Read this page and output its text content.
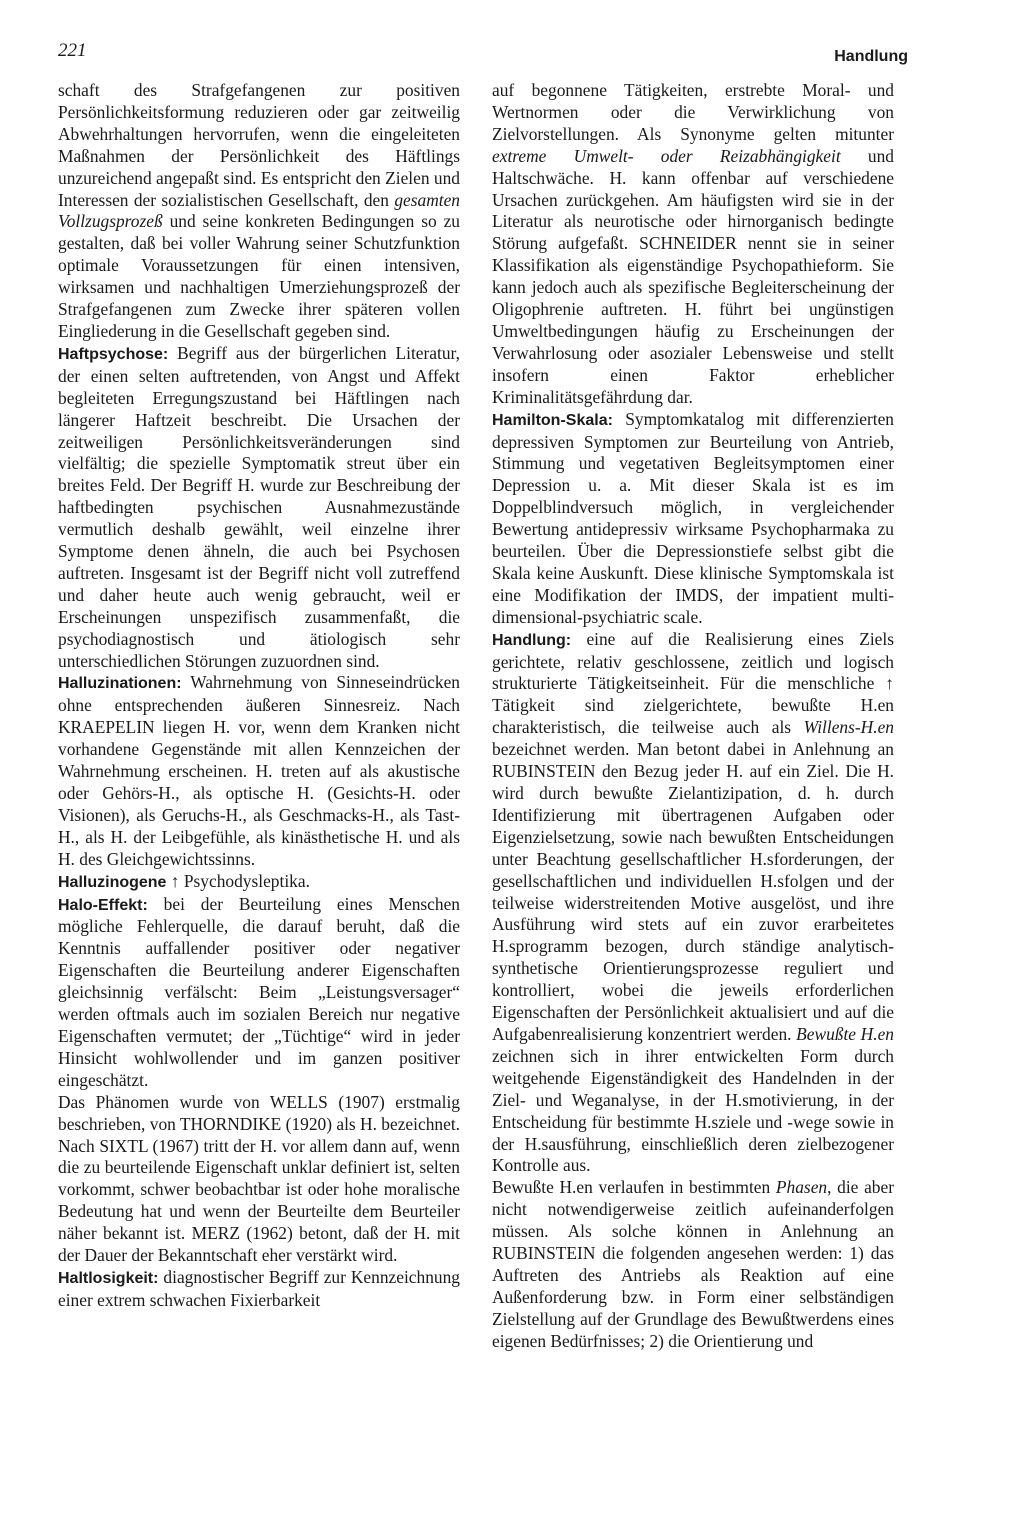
221	Handlung

schaft des Strafgefangenen zur positiven Persönlichkeitsformung reduzieren oder gar zeitweilig Abwehrhaltungen hervorrufen, wenn die eingeleiteten Maßnahmen der Persönlichkeit des Häftlings unzureichend angepaßt sind. Es entspricht den Zielen und Interessen der sozialistischen Gesellschaft, den gesamten Vollzugsprozeß und seine konkreten Bedingungen so zu gestalten, daß bei voller Wahrung seiner Schutzfunktion optimale Voraussetzungen für einen intensiven, wirksamen und nachhaltigen Umerziehungsprozeß der Strafgefangenen zum Zwecke ihrer späteren vollen Eingliederung in die Gesellschaft gegeben sind.

Haftpsychose: Begriff aus der bürgerlichen Literatur, der einen selten auftretenden, von Angst und Affekt begleiteten Erregungszustand bei Häftlingen nach längerer Haftzeit beschreibt. Die Ursachen der zeitweiligen Persönlichkeitsveränderungen sind vielfältig; die spezielle Symptomatik streut über ein breites Feld. Der Begriff H. wurde zur Beschreibung der haftbedingten psychischen Ausnahmezustände vermutlich deshalb gewählt, weil einzelne ihrer Symptome denen ähneln, die auch bei Psychosen auftreten. Insgesamt ist der Begriff nicht voll zutreffend und daher heute auch wenig gebraucht, weil er Erscheinungen unspezifisch zusammenfaßt, die psychodiagnostisch und ätiologisch sehr unterschiedlichen Störungen zuzuordnen sind.

Halluzinationen: Wahrnehmung von Sinneseindrücken ohne entsprechenden äußeren Sinnesreiz. Nach KRAEPELIN liegen H. vor, wenn dem Kranken nicht vorhandene Gegenstände mit allen Kennzeichen der Wahrnehmung erscheinen. H. treten auf als akustische oder Gehörs-H., als optische H. (Gesichts-H. oder Visionen), als Geruchs-H., als Geschmacks-H., als Tast-H., als H. der Leibgefühle, als kinästhetische H. und als H. des Gleichgewichtssinns.

Halluzinogene ↑ Psychodysleptika.

Halo-Effekt: bei der Beurteilung eines Menschen mögliche Fehlerquelle, die darauf beruht, daß die Kenntnis auffallender positiver oder negativer Eigenschaften die Beurteilung anderer Eigenschaften gleichsinnig verfälscht: Beim „Leistungsversager“ werden oftmals auch im sozialen Bereich nur negative Eigenschaften vermutet; der „Tüchtige“ wird in jeder Hinsicht wohlwollender und im ganzen positiver eingeschätzt.

Das Phänomen wurde von WELLS (1907) erstmalig beschrieben, von THORNDIKE (1920) als H. bezeichnet. Nach SIXTL (1967) tritt der H. vor allem dann auf, wenn die zu beurteilende Eigenschaft unklar definiert ist, selten vorkommt, schwer beobachtbar ist oder hohe moralische Bedeutung hat und wenn der Beurteilte dem Beurteiler näher bekannt ist. MERZ (1962) betont, daß der H. mit der Dauer der Bekanntschaft eher verstärkt wird.

Haltlosigkeit: diagnostischer Begriff zur Kennzeichnung einer extrem schwachen Fixierbarkeit

auf begonnene Tätigkeiten, erstrebte Moral- und Wertnormen oder die Verwirklichung von Zielvorstellungen. Als Synonyme gelten mitunter extreme Umwelt- oder Reizabhängigkeit und Haltschwäche. H. kann offenbar auf verschiedene Ursachen zurückgehen. Am häufigsten wird sie in der Literatur als neurotische oder hirnorganisch bedingte Störung aufgefaßt. SCHNEIDER nennt sie in seiner Klassifikation als eigenständige Psychopathieform. Sie kann jedoch auch als spezifische Begleiterscheinung der Oligophrenie auftreten. H. führt bei ungünstigen Umweltbedingungen häufig zu Erscheinungen der Verwahrlosung oder asozialer Lebensweise und stellt insofern einen Faktor erheblicher Kriminalitätsgefährdung dar.

Hamilton-Skala: Symptomkatalog mit differenzierten depressiven Symptomen zur Beurteilung von Antrieb, Stimmung und vegetativen Begleitsymptomen einer Depression u. a. Mit dieser Skala ist es im Doppelblindversuch möglich, in vergleichender Bewertung antidepressiv wirksame Psychopharmaka zu beurteilen. Über die Depressionstiefe selbst gibt die Skala keine Auskunft. Diese klinische Symptomskala ist eine Modifikation der IMDS, der impatient multi-dimensional-psychiatric scale.

Handlung: eine auf die Realisierung eines Ziels gerichtete, relativ geschlossene, zeitlich und logisch strukturierte Tätigkeitseinheit. Für die menschliche ↑ Tätigkeit sind zielgerichtete, bewußte H.en charakteristisch, die teilweise auch als Willens-H.en bezeichnet werden. Man betont dabei in Anlehnung an RUBINSTEIN den Bezug jeder H. auf ein Ziel. Die H. wird durch bewußte Zielantizipation, d. h. durch Identifizierung mit übertragenen Aufgaben oder Eigenzielsetzung, sowie nach bewußten Entscheidungen unter Beachtung gesellschaftlicher H.sforderungen, der gesellschaftlichen und individuellen H.sfolgen und der teilweise widerstreitenden Motive ausgelöst, und ihre Ausführung wird stets auf ein zuvor erarbeitetes H.sprogramm bezogen, durch ständige analytisch-synthetische Orientierungsprozesse reguliert und kontrolliert, wobei die jeweils erforderlichen Eigenschaften der Persönlichkeit aktualisiert und auf die Aufgabenrealisierung konzentriert werden. Bewußte H.en zeichnen sich in ihrer entwickelten Form durch weitgehende Eigenständigkeit des Handelnden in der Ziel- und Weganalyse, in der H.smotivierung, in der Entscheidung für bestimmte H.sziele und -wege sowie in der H.sausführung, einschließlich deren zielbezogener Kontrolle aus.

Bewußte H.en verlaufen in bestimmten Phasen, die aber nicht notwendigerweise zeitlich aufeinanderfolgen müssen. Als solche können in Anlehnung an RUBINSTEIN die folgenden angesehen werden: 1) das Auftreten des Antriebs als Reaktion auf eine Außenforderung bzw. in Form einer selbständigen Zielstellung auf der Grundlage des Bewußtwerdens eines eigenen Bedürfnisses; 2) die Orientierung und
